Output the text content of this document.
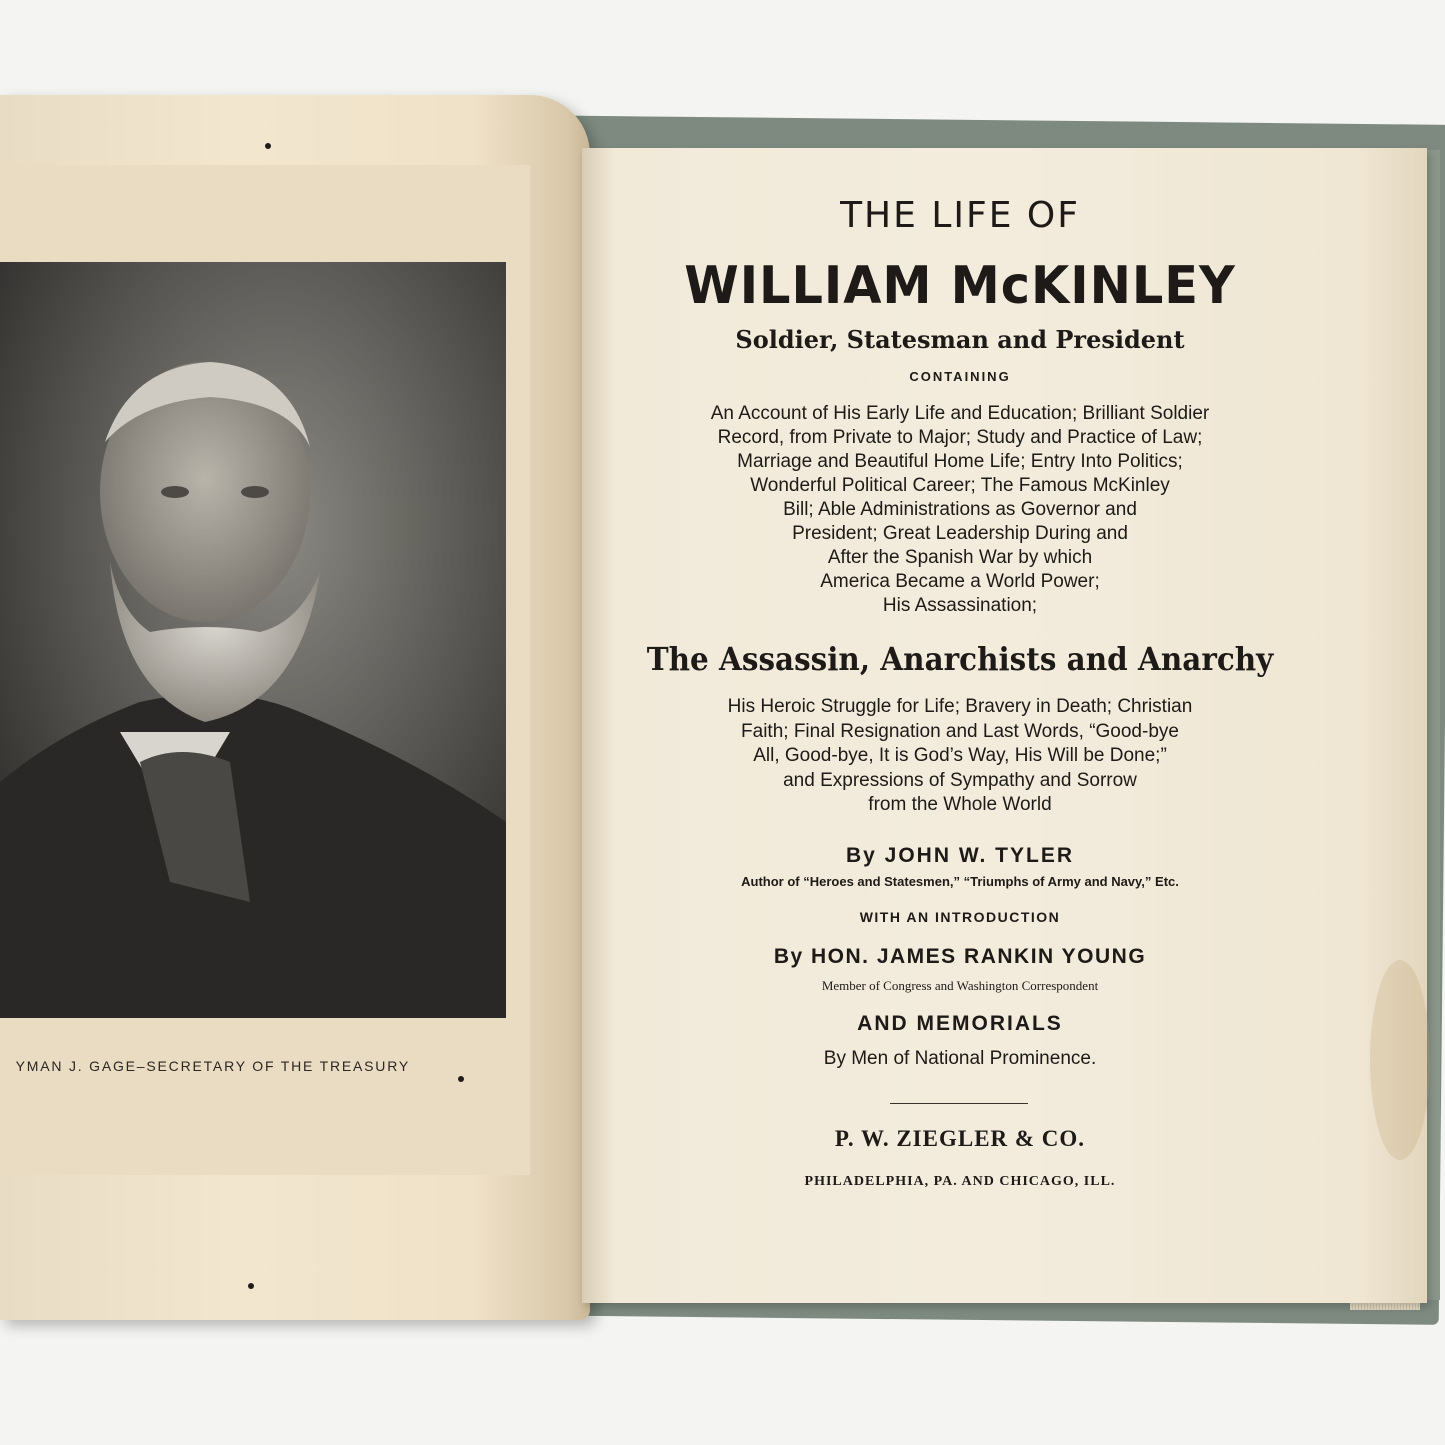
YMAN J. GAGE–SECRETARY OF THE TREASURY
THE LIFE OF
WILLIAM McKINLEY
Soldier, Statesman and President
CONTAINING
An Account of His Early Life and Education; Brilliant Soldier
Record, from Private to Major; Study and Practice of Law;
Marriage and Beautiful Home Life; Entry Into Politics;
Wonderful Political Career; The Famous McKinley
Bill; Able Administrations as Governor and
President; Great Leadership During and
After the Spanish War by which
America Became a World Power;
His Assassination;
The Assassin, Anarchists and Anarchy
His Heroic Struggle for Life; Bravery in Death; Christian
Faith; Final Resignation and Last Words, “Good-bye
All, Good-bye, It is God’s Way, His Will be Done;”
and Expressions of Sympathy and Sorrow
from the Whole World
By JOHN W. TYLER
Author of “Heroes and Statesmen,” “Triumphs of Army and Navy,” Etc.
WITH AN INTRODUCTION
By HON. JAMES RANKIN YOUNG
Member of Congress and Washington Correspondent
AND MEMORIALS
By Men of National Prominence.
P. W. ZIEGLER & CO.
PHILADELPHIA, PA. AND CHICAGO, ILL.
